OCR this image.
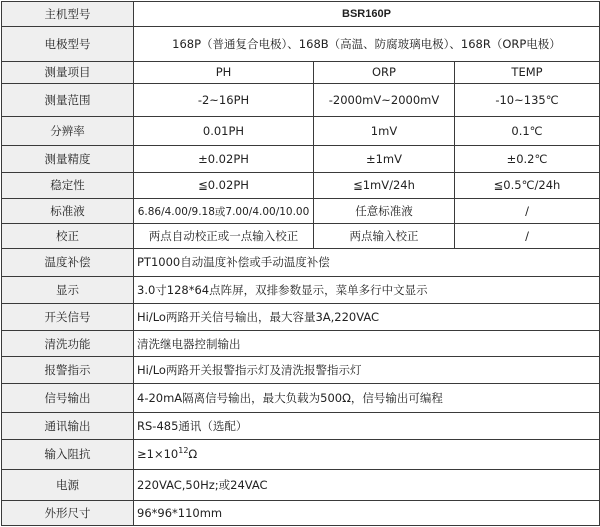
主机型号	BSR160P		
电极型号	168P（普通复合电极）、168B（高温、防腐玻璃电极）、168R（ORP电极）		
测量项目	PH	ORP	TEMP
测量范围	-2~16PH	-2000mV~2000mV	-10~135℃
分辨率	0.01PH	1mV	0.1℃
测量精度	±0.02PH	±1mV	±0.2℃
稳定性	≦0.02PH	≦1mV/24h	≦0.5℃/24h
标准液	6.86/4.00/9.18或7.00/4.00/10.00	任意标准液	/
校正	两点自动校正或一点输入校正	两点输入校正	/
温度补偿	PT1000自动温度补偿或手动温度补偿		
显示	3.0寸128*64点阵屏，双排参数显示，菜单多行中文显示		
开关信号	Hi/Lo两路开关信号输出，最大容量3A,220VAC		
清洗功能	清洗继电器控制输出		
报警指示	Hi/Lo两路开关报警指示灯及清洗报警指示灯		
信号输出	4-20mA隔离信号输出，最大负载为500Ω，信号输出可编程		
通讯输出	RS-485通讯（选配）		
输入阻抗	$\ge 1\times 10^{12}\Omega$		
电源	220VAC,50Hz;或24VAC		
外形尺寸	96*96*110mm		
